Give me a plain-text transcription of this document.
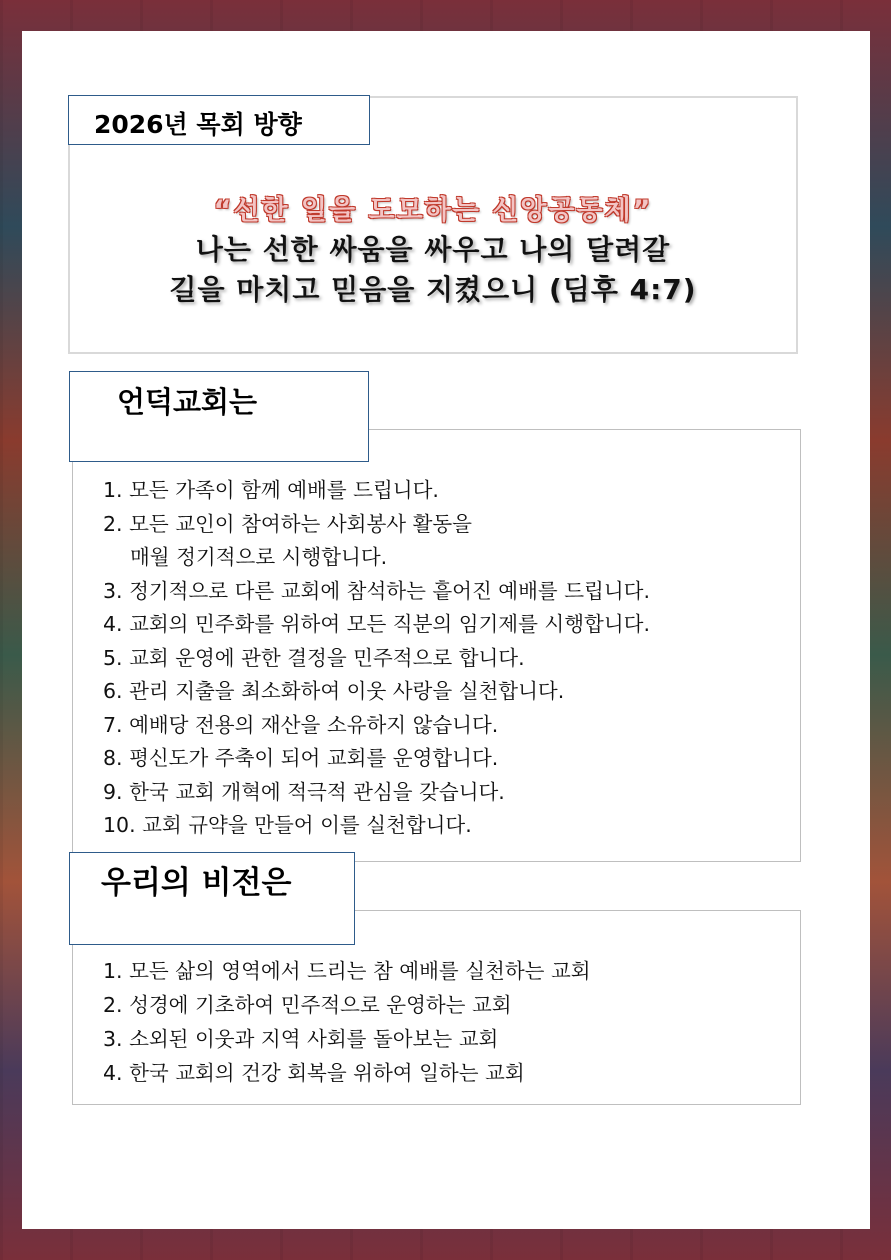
2026년 목회 방향
“선한 일을 도모하는 신앙공동체”
나는 선한 싸움을 싸우고 나의 달려갈
길을 마치고 믿음을 지켰으니 (딤후 4:7)
언덕교회는
1. 모든 가족이 함께 예배를 드립니다.
2. 모든 교인이 참여하는 사회봉사 활동을
매월 정기적으로 시행합니다.
3. 정기적으로 다른 교회에 참석하는 흩어진 예배를 드립니다.
4. 교회의 민주화를 위하여 모든 직분의 임기제를 시행합니다.
5. 교회 운영에 관한 결정을 민주적으로 합니다.
6. 관리 지출을 최소화하여 이웃 사랑을 실천합니다.
7. 예배당 전용의 재산을 소유하지 않습니다.
8. 평신도가 주축이 되어 교회를 운영합니다.
9. 한국 교회 개혁에 적극적 관심을 갖습니다.
10. 교회 규약을 만들어 이를 실천합니다.
우리의 비전은
1. 모든 삶의 영역에서 드리는 참 예배를 실천하는 교회
2. 성경에 기초하여 민주적으로 운영하는 교회
3. 소외된 이웃과 지역 사회를 돌아보는 교회
4. 한국 교회의 건강 회복을 위하여 일하는 교회
